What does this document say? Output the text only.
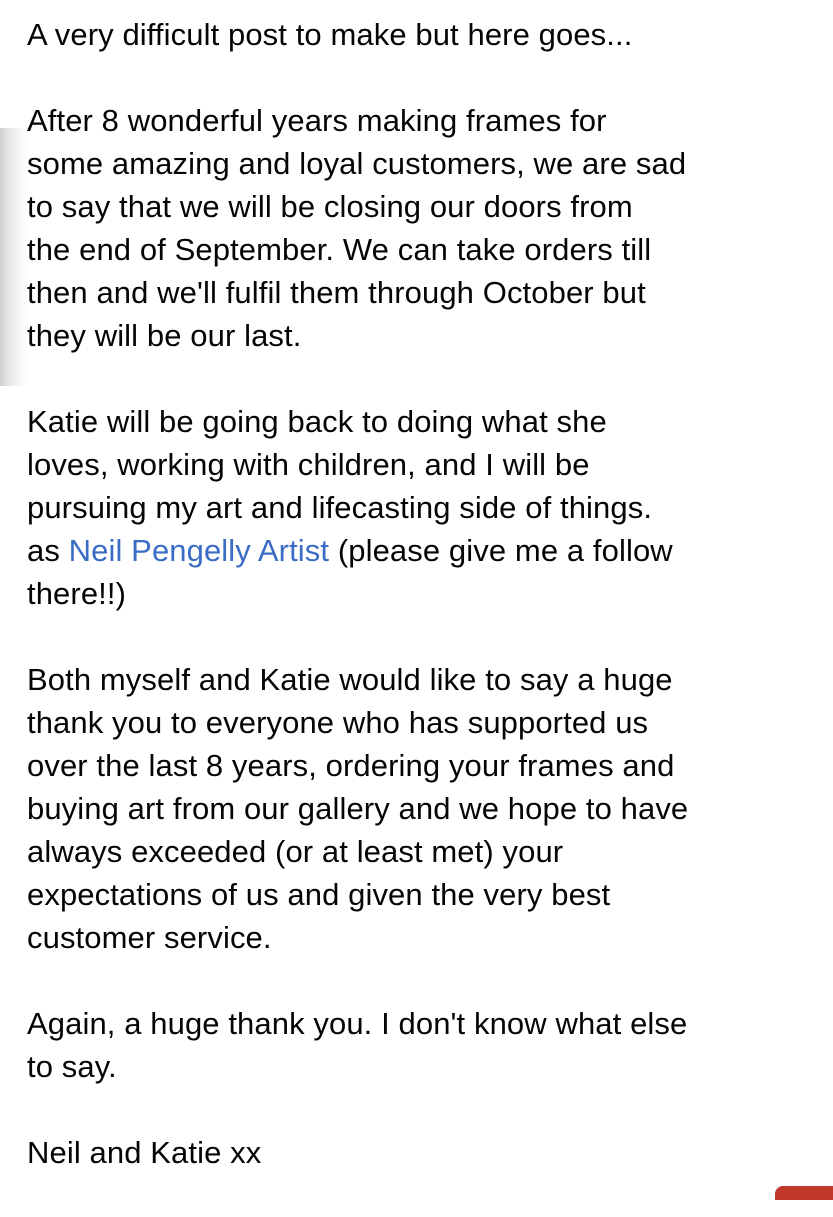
A very difficult post to make but here goes...

After 8 wonderful years making frames for
some amazing and loyal customers, we are sad
to say that we will be closing our doors from
the end of September. We can take orders till
then and we'll fulfil them through October but
they will be our last.

Katie will be going back to doing what she
loves, working with children, and I will be
pursuing my art and lifecasting side of things.
as Neil Pengelly Artist (please give me a follow
there!!)

Both myself and Katie would like to say a huge
thank you to everyone who has supported us
over the last 8 years, ordering your frames and
buying art from our gallery and we hope to have
always exceeded (or at least met) your
expectations of us and given the very best
customer service.

Again, a huge thank you. I don't know what else
to say.

Neil and Katie xx
